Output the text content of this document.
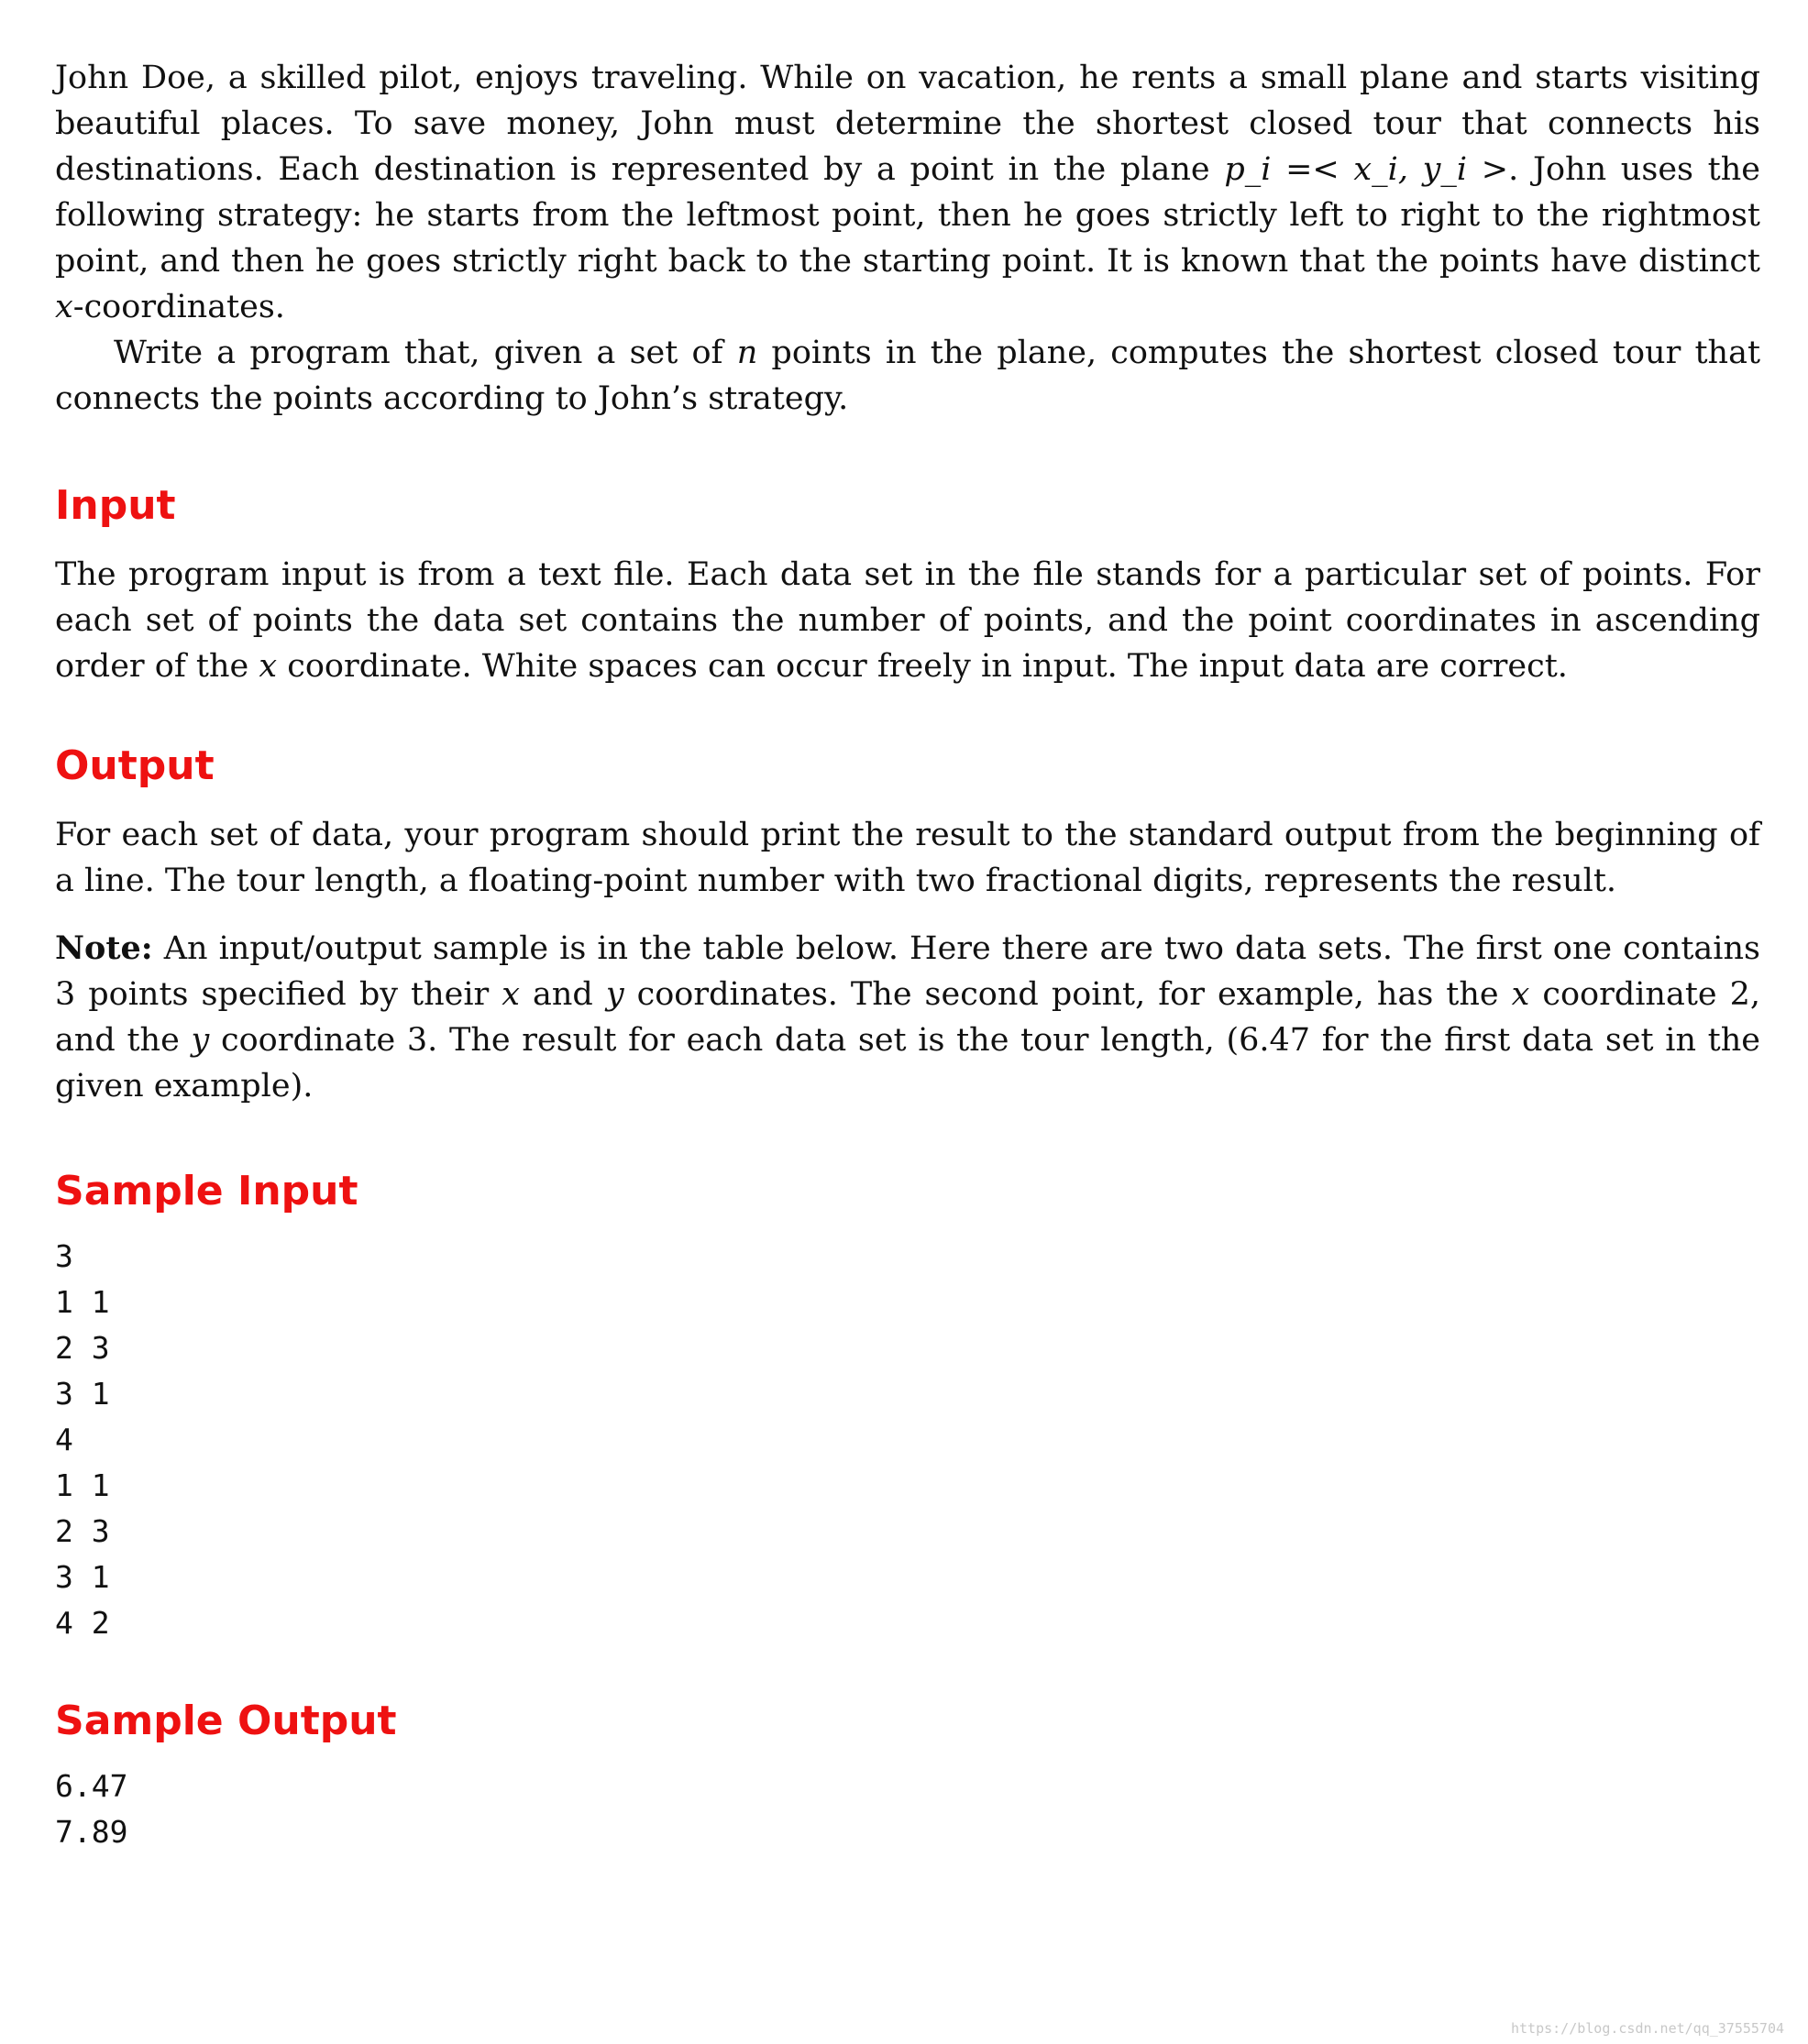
John Doe, a skilled pilot, enjoys traveling. While on vacation, he rents a small plane and starts visiting beautiful places. To save money, John must determine the shortest closed tour that connects his destinations. Each destination is represented by a point in the plane p_i =< x_i, y_i >. John uses the following strategy: he starts from the leftmost point, then he goes strictly left to right to the rightmost point, and then he goes strictly right back to the starting point. It is known that the points have distinct x-coordinates.

Write a program that, given a set of n points in the plane, computes the shortest closed tour that connects the points according to John’s strategy.

Input

The program input is from a text file. Each data set in the file stands for a particular set of points. For each set of points the data set contains the number of points, and the point coordinates in ascending order of the x coordinate. White spaces can occur freely in input. The input data are correct.

Output

For each set of data, your program should print the result to the standard output from the beginning of a line. The tour length, a floating-point number with two fractional digits, represents the result.

Note: An input/output sample is in the table below. Here there are two data sets. The first one contains 3 points specified by their x and y coordinates. The second point, for example, has the x coordinate 2, and the y coordinate 3. The result for each data set is the tour length, (6.47 for the first data set in the given example).

Sample Input
3
1 1
2 3
3 1
4
1 1
2 3
3 1
4 2
Sample Output
6.47
7.89
https://blog.csdn.net/qq_37555704
